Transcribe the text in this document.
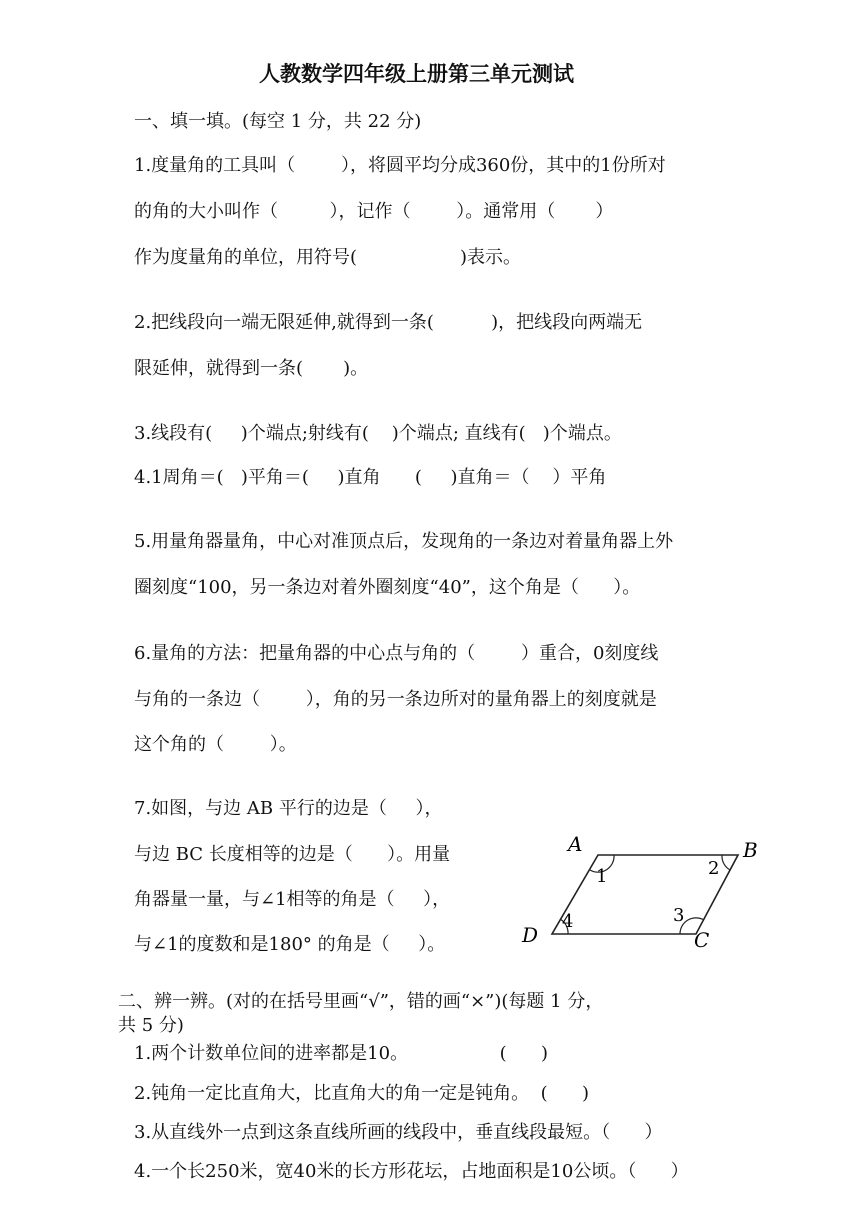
人教数学四年级上册第三单元测试
一、填一填。(每空 1 分，共 22 分)
1.度量角的工具叫（        ），将圆平均分成360份，其中的1份所对
的角的大小叫作（         ），记作（        ）。通常用（       ）
作为度量角的单位，用符号(                  )表示。
2.把线段向一端无限延伸,就得到一条(          )，把线段向两端无
限延伸，就得到一条(       )。
3.线段有(     )个端点;射线有(    )个端点; 直线有(   )个端点。
4.1周角＝(   )平角＝(     )直角      (     )直角＝（    ）平角
5.用量角器量角，中心对准顶点后，发现角的一条边对着量角器上外
圈刻度“100，另一条边对着外圈刻度“40”，这个角是（      ）。
6.量角的方法：把量角器的中心点与角的（        ）重合，0刻度线
与角的一条边（        ），角的另一条边所对的量角器上的刻度就是
这个角的（        ）。
7.如图，与边 AB 平行的边是（     ），
与边 BC 长度相等的边是（      ）。用量
角器量一量，与∠1相等的角是（     ），
与∠1的度数和是180° 的角是（     ）。
A	B
C
D
1	2
3
4
二、辨一辨。(对的在括号里画“√”，错的画“×”)(每题 1 分，
共 5 分)
1.两个计数单位间的进率都是10。                (      )
2.钝角一定比直角大，比直角大的角一定是钝角。  (      )
3.从直线外一点到这条直线所画的线段中，垂直线段最短。（      ）
4.一个长250米，宽40米的长方形花坛，占地面积是10公顷。（      ）
